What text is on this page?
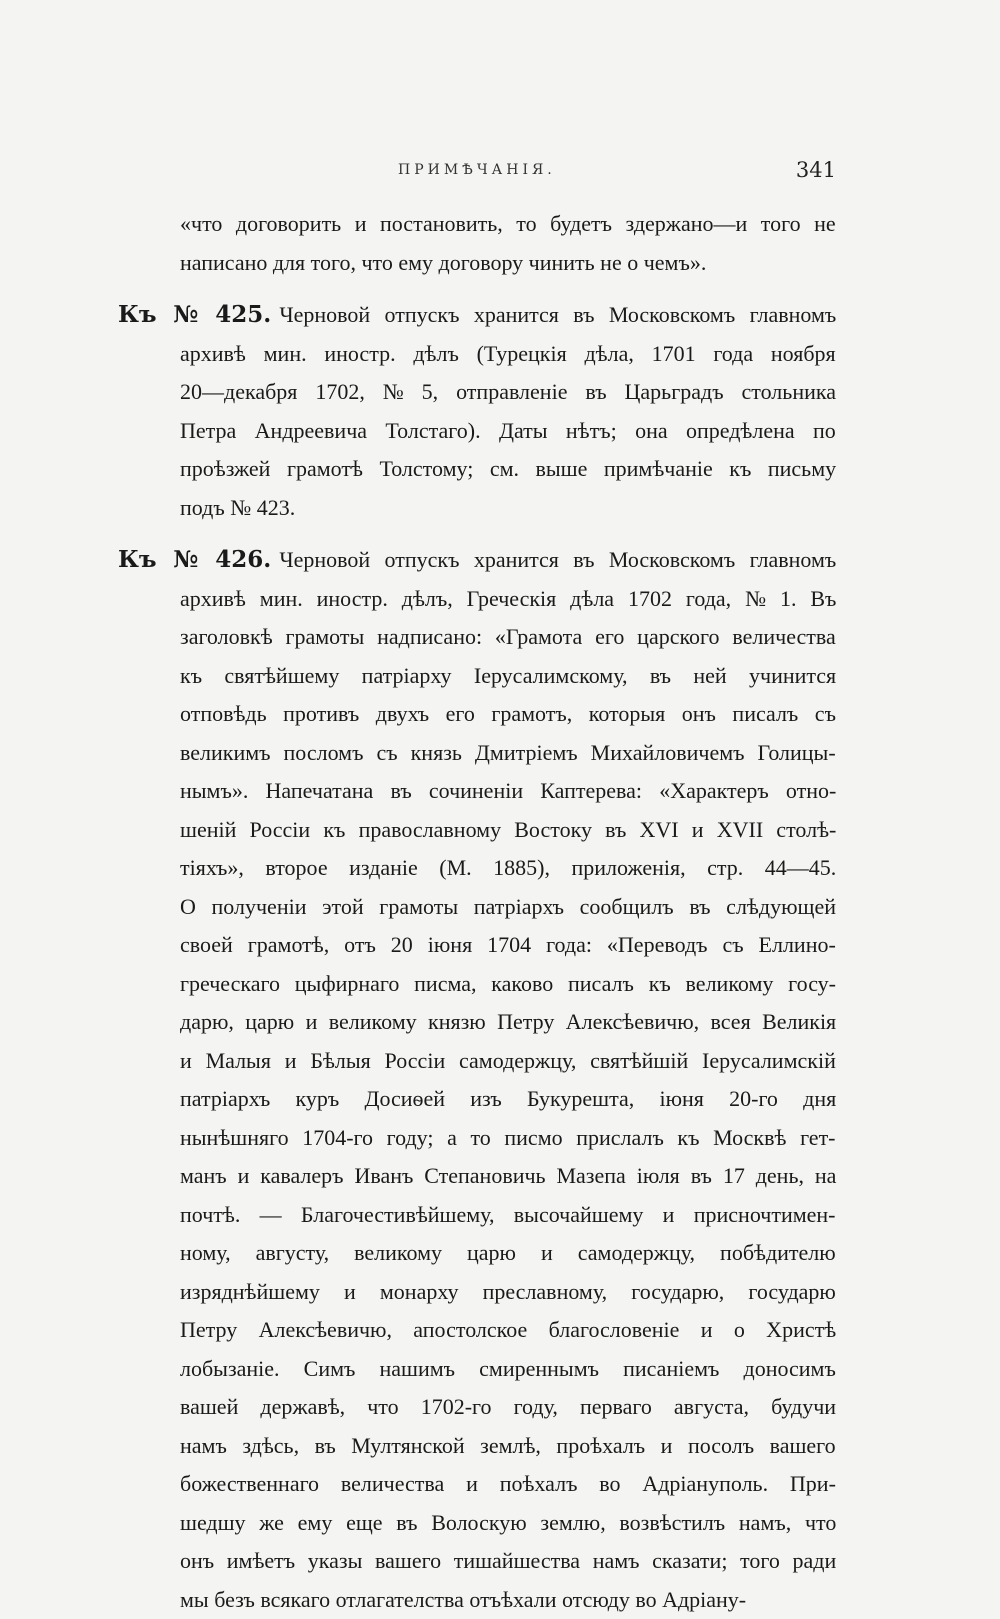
ПРИМѢЧАНІЯ.	341
«что договорить и постановить, то будетъ здержано—и того не
написано для того, что ему договору чинить не о чемъ».
Къ № 425. Черновой отпускъ хранится въ Московскомъ главномъ
архивѣ мин. иностр. дѣлъ (Турецкія дѣла, 1701 года ноября
20—декабря 1702, № 5, отправленіе въ Царьградъ стольника
Петра Андреевича Толстаго). Даты нѣтъ; она опредѣлена по
проѣзжей грамотѣ Толстому; см. выше примѣчаніе къ письму
подъ № 423.
Къ № 426. Черновой отпускъ хранится въ Московскомъ главномъ
архивѣ мин. иностр. дѣлъ, Греческія дѣла 1702 года, № 1. Въ
заголовкѣ грамоты надписано: «Грамота его царского величества
къ святѣйшему патріарху Іерусалимскому, въ ней учинится
отповѣдь противъ двухъ его грамотъ, которыя онъ писалъ съ
великимъ посломъ съ князь Дмитріемъ Михайловичемъ Голицы-
нымъ». Напечатана въ сочиненіи Каптерева: «Характеръ отно-
шеній Россіи къ православному Востоку въ XVI и XVII столѣ-
тіяхъ», второе изданіе (М. 1885), приложенія, стр. 44—45.
О полученіи этой грамоты патріархъ сообщилъ въ слѣдующей
своей грамотѣ, отъ 20 іюня 1704 года: «Переводъ съ Еллино-
греческаго цыфирнаго писма, каково писалъ къ великому госу-
дарю, царю и великому князю Петру Алексѣевичю, всея Великія
и Малыя и Бѣлыя Россіи самодержцу, святѣйшій Іерусалимскій
патріархъ куръ Досиѳей изъ Букурешта, іюня 20-го дня
нынѣшняго 1704-го году; а то писмо прислалъ къ Москвѣ гет-
манъ и кавалеръ Иванъ Степановичь Мазепа іюля въ 17 день, на
почтѣ. — Благочестивѣйшему, высочайшему и присночтимен-
ному, августу, великому царю и самодержцу, побѣдителю
изряднѣйшему и монарху преславному, государю, государю
Петру Алексѣевичю, апостолское благословеніе и о Христѣ
лобызаніе. Симъ нашимъ смиреннымъ писаніемъ доносимъ
вашей державѣ, что 1702-го году, перваго августа, будучи
намъ здѣсь, въ Мултянской землѣ, проѣхалъ и посолъ вашего
божественнаго величества и поѣхалъ во Адріануполь. При-
шедшу же ему еще въ Волоскую землю, возвѣстилъ намъ, что
онъ имѣетъ указы вашего тишайшества намъ сказати; того ради
мы безъ всякаго отлагателства отъѣхали отсюду во Адріану-
